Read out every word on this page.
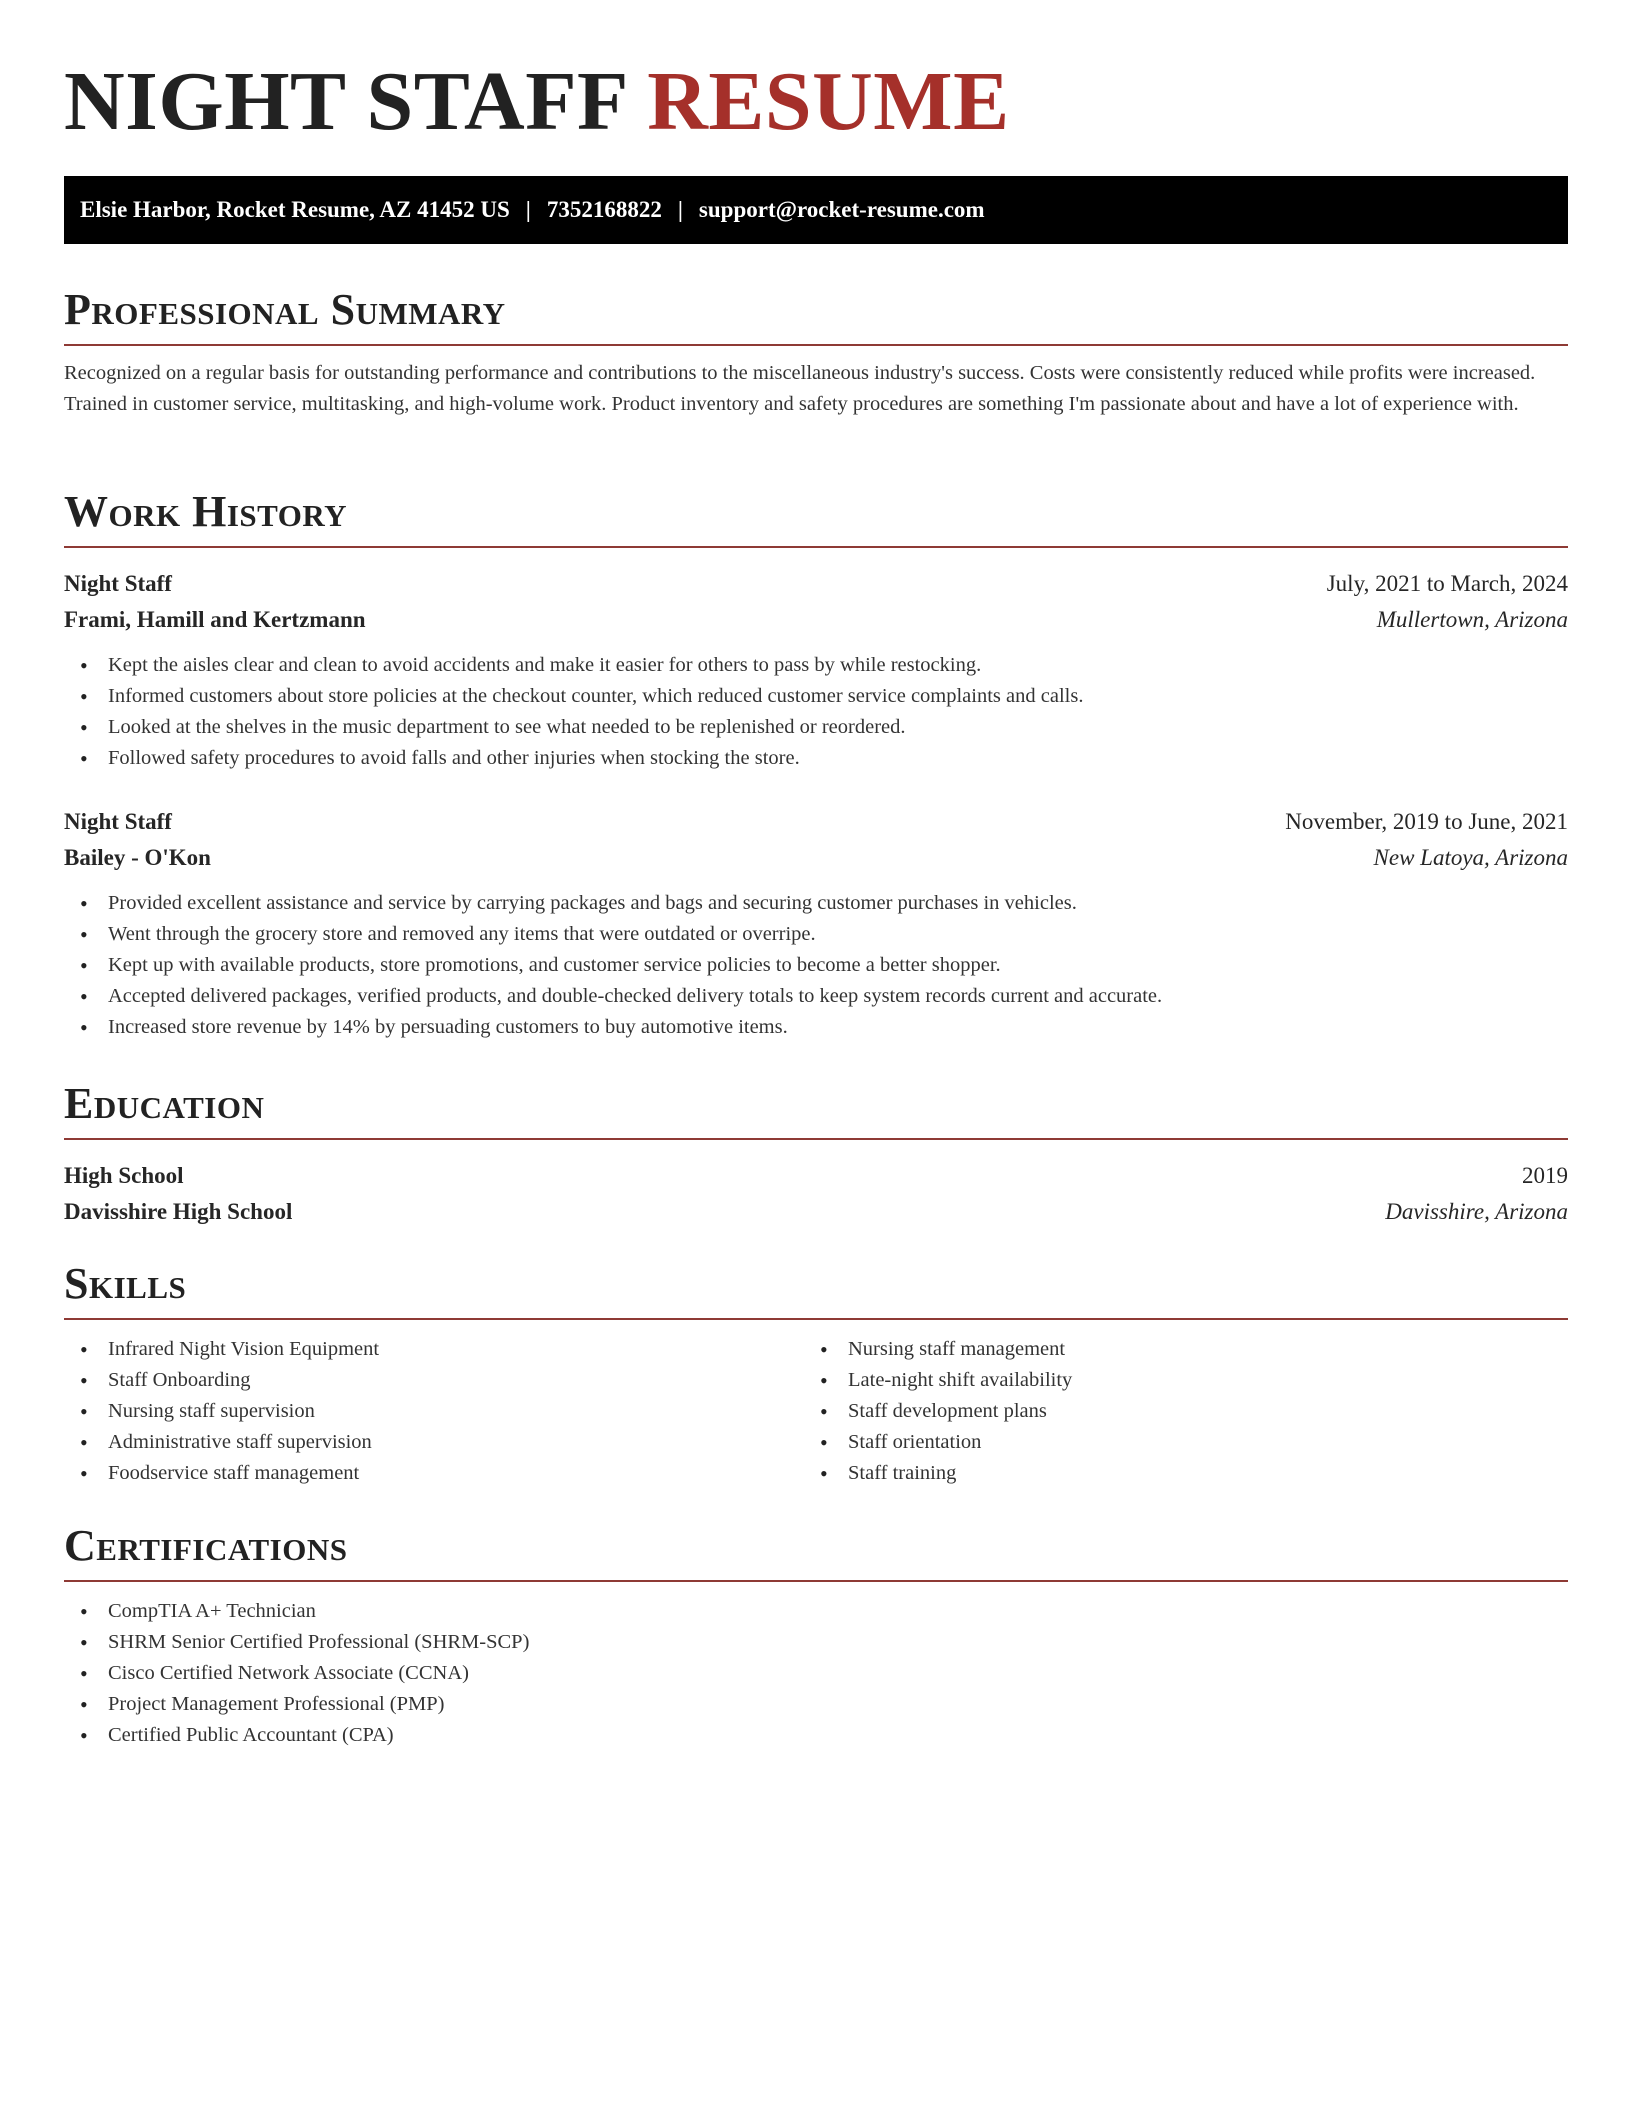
NIGHT STAFF RESUME
Elsie Harbor, Rocket Resume, AZ 41452 US | 7352168822 | support@rocket-resume.com
Professional Summary

Recognized on a regular basis for outstanding performance and contributions to the miscellaneous industry's success. Costs were consistently reduced while profits were increased. Trained in customer service, multitasking, and high-volume work. Product inventory and safety procedures are something I'm passionate about and have a lot of experience with.

Work History
Night Staff	July, 2021 to March, 2024
Frami, Hamill and Kertzmann	Mullertown, Arizona
• Kept the aisles clear and clean to avoid accidents and make it easier for others to pass by while restocking.
• Informed customers about store policies at the checkout counter, which reduced customer service complaints and calls.
• Looked at the shelves in the music department to see what needed to be replenished or reordered.
• Followed safety procedures to avoid falls and other injuries when stocking the store.
Night Staff	November, 2019 to June, 2021
Bailey - O'Kon	New Latoya, Arizona
• Provided excellent assistance and service by carrying packages and bags and securing customer purchases in vehicles.
• Went through the grocery store and removed any items that were outdated or overripe.
• Kept up with available products, store promotions, and customer service policies to become a better shopper.
• Accepted delivered packages, verified products, and double-checked delivery totals to keep system records current and accurate.
• Increased store revenue by 14% by persuading customers to buy automotive items.
Education
High School	2019
Davisshire High School	Davisshire, Arizona
Skills
• Infrared Night Vision Equipment
• Staff Onboarding
• Nursing staff supervision
• Administrative staff supervision
• Foodservice staff management
• Nursing staff management
• Late-night shift availability
• Staff development plans
• Staff orientation
• Staff training
Certifications
• CompTIA A+ Technician
• SHRM Senior Certified Professional (SHRM-SCP)
• Cisco Certified Network Associate (CCNA)
• Project Management Professional (PMP)
• Certified Public Accountant (CPA)
